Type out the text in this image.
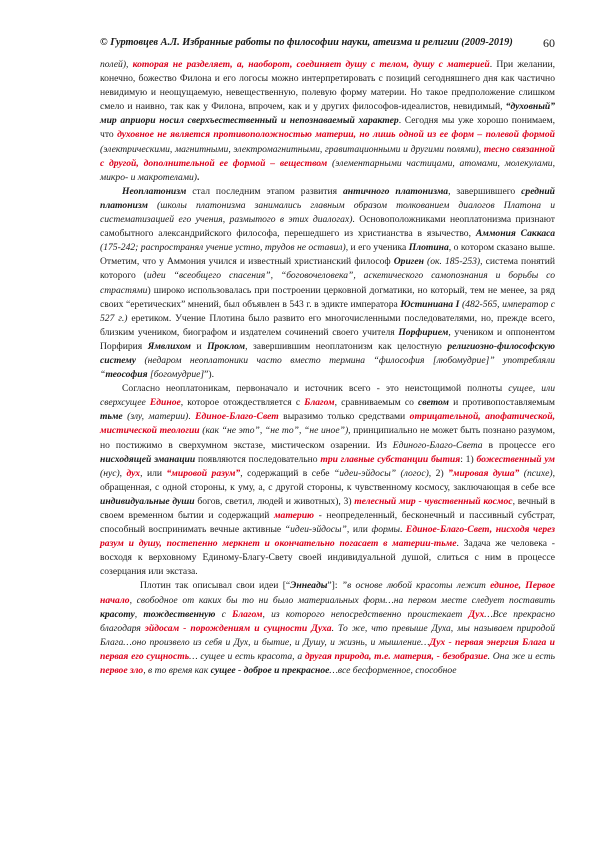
© Гуртовцев А.Л. Избранные работы по философии науки, атеизма и религии (2009-2019)	60

полей), которая не разделяет, а, наоборот, соединяет душу с телом, душу с материей. При желании, конечно, божество Филона и его логосы можно интерпретировать с позиций сегодняшнего дня как частично невидимую и неощущаемую, невещественную, полевую форму материи. Но такое предположение слишком смело и наивно, так как у Филона, впрочем, как и у других философов-идеалистов, невидимый, “духовный” мир априори носил сверхъестественный и непознаваемый характер. Сегодня мы уже хорошо понимаем, что духовное не является противоположностью материи, но лишь одной из ее форм – полевой формой (электрическими, магнитными, электромагнитными, гравитационными и другими полями), тесно связанной с другой, дополнительной ее формой – веществом (элементарными частицами, атомами, молекулами, микро- и макротелами).

Неоплатонизм стал последним этапом развития античного платонизма, завершившего средний платонизм (школы платонизма занимались главным образом толкованием диалогов Платона и систематизацией его учения, размытого в этих диалогах). Основоположниками неоплатонизма признают самобытного александрийского философа, перешедшего из христианства в язычество, Аммония Саккаса (175-242; распространял учение устно, трудов не оставил), и его ученика Плотина, о котором сказано выше. Отметим, что у Аммония учился и известный христианский философ Ориген (ок. 185-253), система понятий которого (идеи “всеобщего спасения”, “боговочеловека”, аскетического самопознания и борьбы со страстями) широко использовалась при построении церковной догматики, но который, тем не менее, за ряд своих “еретических” мнений, был объявлен в 543 г. в эдикте императора Юстиниана I (482-565, император с 527 г.) еретиком. Учение Плотина было развито его многочисленными последователями, но, прежде всего, близким учеником, биографом и издателем сочинений своего учителя Порфирием, учеником и оппонентом Порфирия Ямвлихом и Проклом, завершившим неоплатонизм как целостную религиозно-философскую систему (недаром неоплатоники часто вместо термина “философия [любомудрие]” употребляли “теософия [богомудрие]”).

Согласно неоплатоникам, первоначало и источник всего - это неистощимой полноты сущее, или сверхсущее Единое, которое отождествляется с Благом, сравниваемым со светом и противопоставляемым тьме (злу, материи). Единое-Благо-Свет выразимо только средствами отрицательной, апофатической, мистической теологии (как “не это”, “не то”, “не иное”), принципиально не может быть познано разумом, но постижимо в сверхумном экстазе, мистическом озарении. Из Единого-Благо-Света в процессе его нисходящей эманации появляются последовательно три главные субстанции бытия: 1) божественный ум (нус), дух, или “мировой разум”, содержащий в себе “идеи-эйдосы” (логос), 2) ”мировая душа” (психе), обращенная, с одной стороны, к уму, а, с другой стороны, к чувственному космосу, заключающая в себе все индивидуальные души богов, светил, людей и животных), 3) телесный мир - чувственный космос, вечный в своем временном бытии и содержащий материю - неопределенный, бесконечный и пассивный субстрат, способный воспринимать вечные активные “идеи-эйдосы”, или формы. Единое-Благо-Свет, нисходя через разум и душу, постепенно меркнет и окончательно погасает в материи-тьме. Задача же человека - восходя к верховному Единому-Благу-Свету своей индивидуальной душой, слиться с ним в процессе созерцания или экстаза.

Плотин так описывал свои идеи [“Эннеады”]: ”в основе любой красоты лежит единое, Первое начало, свободное от каких бы то ни было материальных форм…на первом месте следует поставить красоту, тождественную с Благом, из которого непосредственно проистекает Дух…Все прекрасно благодаря эйдосам - порождениям и сущности Духа. То же, что превыше Духа, мы называем природой Блага…оно произвело из себя и Дух, и бытие, и Душу, и жизнь, и мышление…Дух - первая энергия Блага и первая его сущность… сущее и есть красота, а другая природа, т.е. материя, - безобразие. Она же и есть первое зло, в то время как сущее - доброе и прекрасное…все бесформенное, способное
